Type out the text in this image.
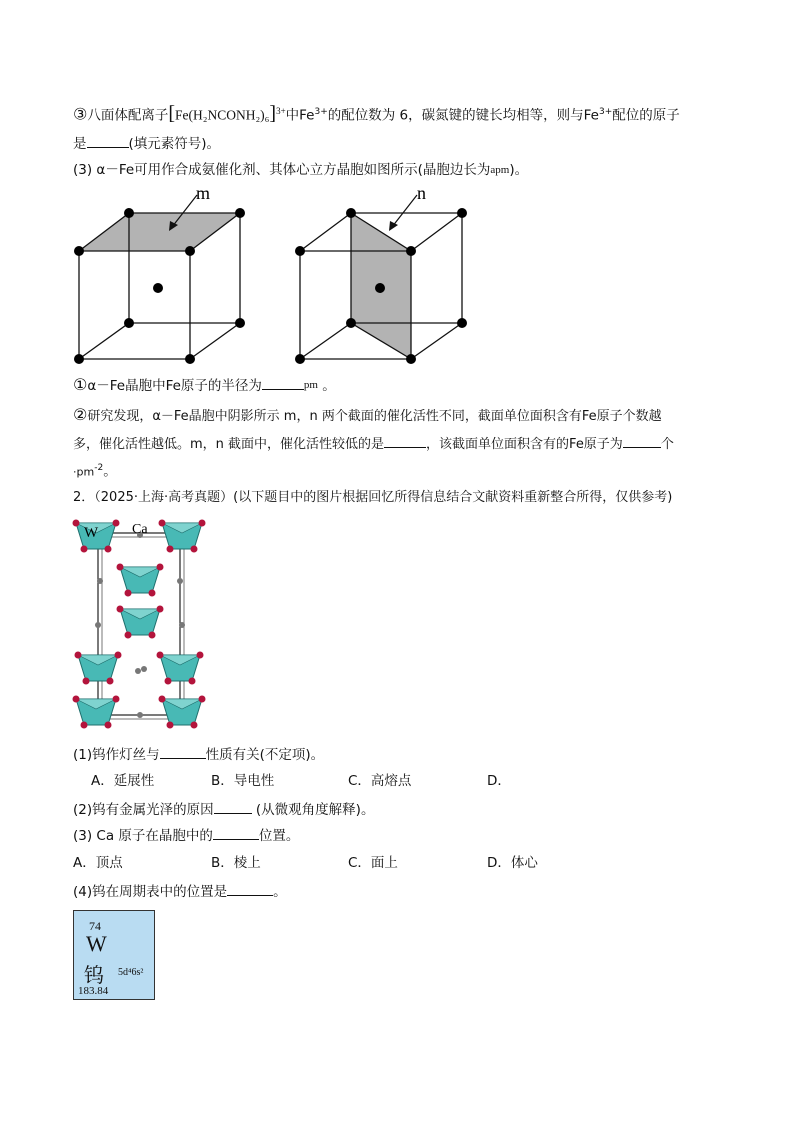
③八面体配离子[Fe(H₂NCONH₂)₆]$^{3+}$中$Fe^{3+}$的配位数为 6，碳氮键的键长均相等，则与$Fe^{3+}$配位的原子
是	(填元素符号)。
(3) α－Fe可用作合成氨催化剂、其体心立方晶胞如图所示(晶胞边长为$^{apm}$)。
m	n
①α－Fe晶胞中Fe原子的半径为	$^{pm}$ 。
②研究发现，α－Fe晶胞中阴影所示 m，n 两个截面的催化活性不同，截面单位面积含有Fe原子个数越
多，催化活性越低。m，n 截面中，催化活性较低的是	，该截面单位面积含有的Fe原子为	个
$\cdot pm^{-2}$。
2．（2025·上海·高考真题）(以下题目中的图片根据回忆所得信息结合文献资料重新整合所得，仅供参考)
W Ca
(1)钨作灯丝与	性质有关(不定项)。
A．延展性	B．导电性	C．高熔点	D．
(2)钨有金属光泽的原因	(从微观角度解释)。
(3) Ca 原子在晶胞中的	位置。
A．顶点	B．棱上	C．面上	D．体心
(4)钨在周期表中的位置是	。
74
W
钨 5d⁴6s²
183.84
